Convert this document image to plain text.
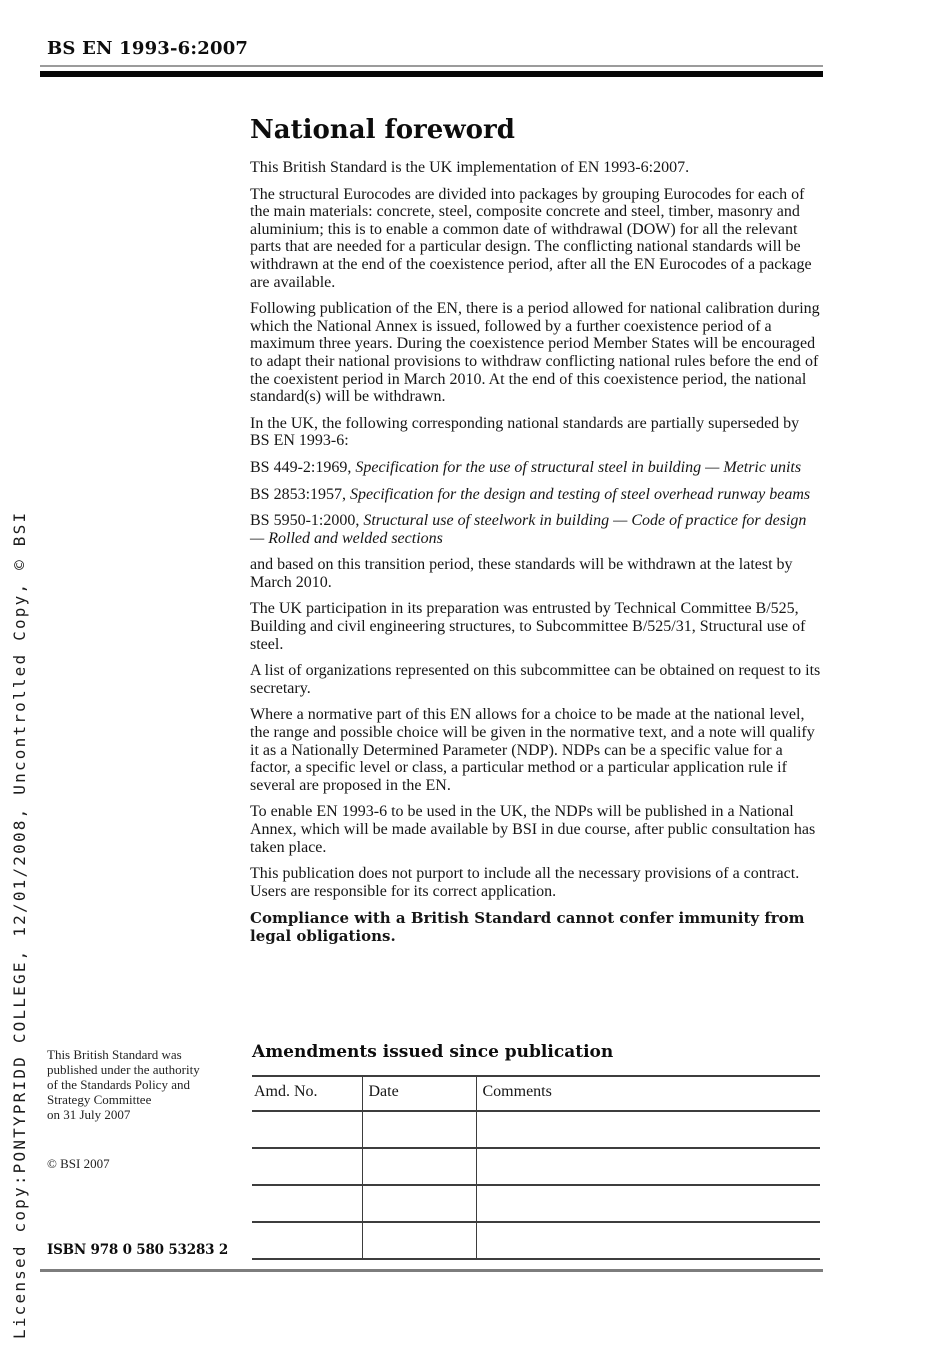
Licensed copy:PONTYPRIDD COLLEGE, 12/01/2008, Uncontrolled Copy, © BSI
BS EN 1993-6:2007
National foreword

This British Standard is the UK implementation of EN 1993-6:2007.

The structural Eurocodes are divided into packages by grouping Eurocodes for each of the main materials: concrete, steel, composite concrete and steel, timber, masonry and aluminium; this is to enable a common date of withdrawal (DOW) for all the relevant parts that are needed for a particular design. The conflicting national standards will be withdrawn at the end of the coexistence period, after all the EN Eurocodes of a package are available.

Following publication of the EN, there is a period allowed for national calibration during which the National Annex is issued, followed by a further coexistence period of a maximum three years. During the coexistence period Member States will be encouraged to adapt their national provisions to withdraw conflicting national rules before the end of the coexistent period in March 2010. At the end of this coexistence period, the national standard(s) will be withdrawn.

In the UK, the following corresponding national standards are partially superseded by BS EN 1993-6:

BS 449-2:1969, Specification for the use of structural steel in building — Metric units

BS 2853:1957, Specification for the design and testing of steel overhead runway beams

BS 5950-1:2000, Structural use of steelwork in building — Code of practice for design — Rolled and welded sections

and based on this transition period, these standards will be withdrawn at the latest by March 2010.

The UK participation in its preparation was entrusted by Technical Committee B/525, Building and civil engineering structures, to Subcommittee B/525/31, Structural use of steel.

A list of organizations represented on this subcommittee can be obtained on request to its secretary.

Where a normative part of this EN allows for a choice to be made at the national level, the range and possible choice will be given in the normative text, and a note will qualify it as a Nationally Determined Parameter (NDP). NDPs can be a specific value for a factor, a specific level or class, a particular method or a particular application rule if several are proposed in the EN.

To enable EN 1993-6 to be used in the UK, the NDPs will be published in a National Annex, which will be made available by BSI in due course, after public consultation has taken place.

This publication does not purport to include all the necessary provisions of a contract. Users are responsible for its correct application.

Compliance with a British Standard cannot confer immunity from legal obligations.

This British Standard was
published under the authority
of the Standards Policy and
Strategy Committee
on 31 July 2007
© BSI 2007
ISBN 978 0 580 53283 2
Amendments issued since publication
Amd. No.	Date	Comments
